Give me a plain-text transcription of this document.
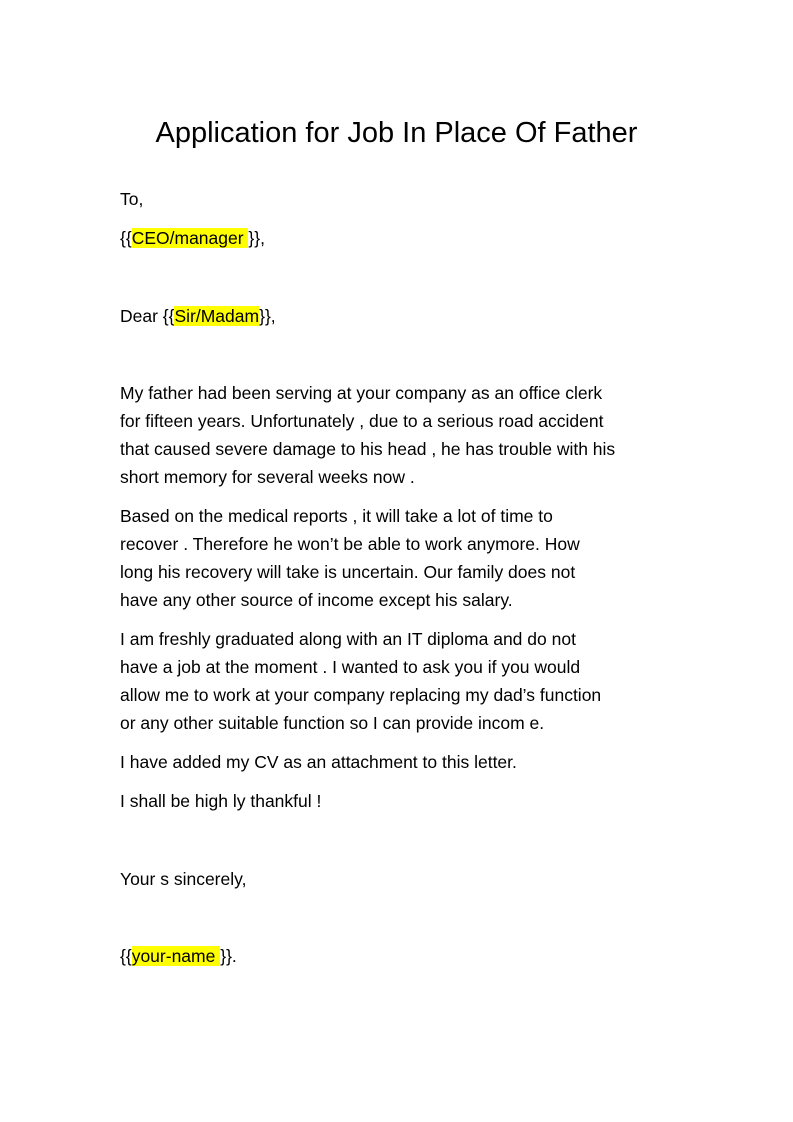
Application for Job In Place Of Father

To,

{{CEO/manager }},

Dear {{Sir/Madam}},

My father had been serving at your company as an office clerk
for fifteen years. Unfortunately , due to a serious road accident
that caused severe damage to his head , he has trouble with his
short memory for several weeks now .

Based on the medical reports , it will take a lot of time to
recover . Therefore he won’t be able to work anymore. How
long his recovery will take is uncertain. Our family does not
have any other source of income except his salary.

I am freshly graduated along with an IT diploma and do not
have a job at the moment . I wanted to ask you if you would
allow me to work at your company replacing my dad’s function
or any other suitable function so I can provide incom e.

I have added my CV as an attachment to this letter.

I shall be high ly thankful !

Your s sincerely,

{{your-name }}.
